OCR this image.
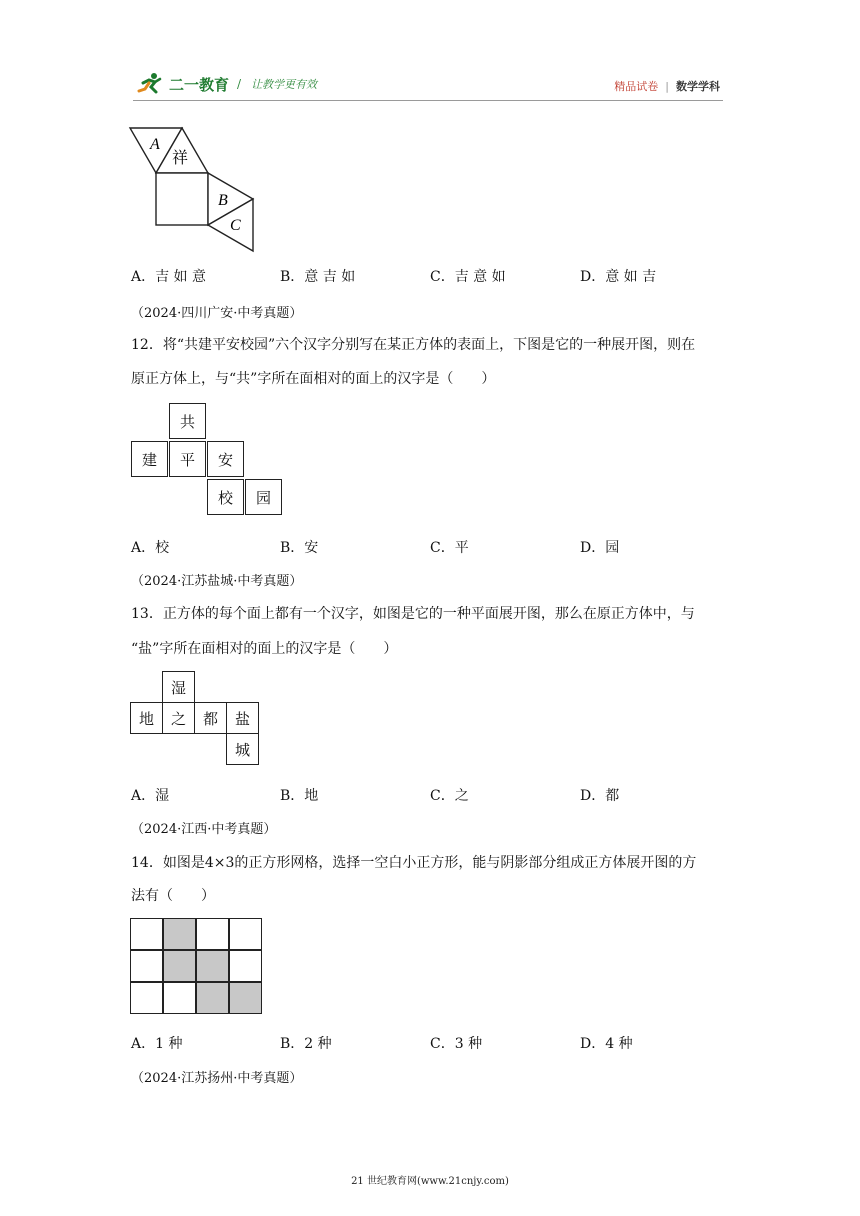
二一教育 / 让教学更有效	精品试卷 | 数学学科
A
祥
B
C
A．吉 如 意	B．意 吉 如	C．吉 意 如	D．意 如 吉
（2024·四川广安·中考真题）
12．将“共建平安校园”六个汉字分别写在某正方体的表面上，下图是它的一种展开图，则在
原正方体上，与“共”字所在面相对的面上的汉字是（　　）
共
建	平	安
校	园
A．校	B．安	C．平	D．园
（2024·江苏盐城·中考真题）
13．正方体的每个面上都有一个汉字，如图是它的一种平面展开图，那么在原正方体中，与
“盐”字所在面相对的面上的汉字是（　　）
湿
地	之	都	盐
城
A．湿	B．地	C．之	D．都
（2024·江西·中考真题）
14．如图是4×3的正方形网格，选择一空白小正方形，能与阴影部分组成正方体展开图的方
法有（　　）
A．1 种	B．2 种	C．3 种	D．4 种
（2024·江苏扬州·中考真题）
21 世纪教育网(www.21cnjy.com)
